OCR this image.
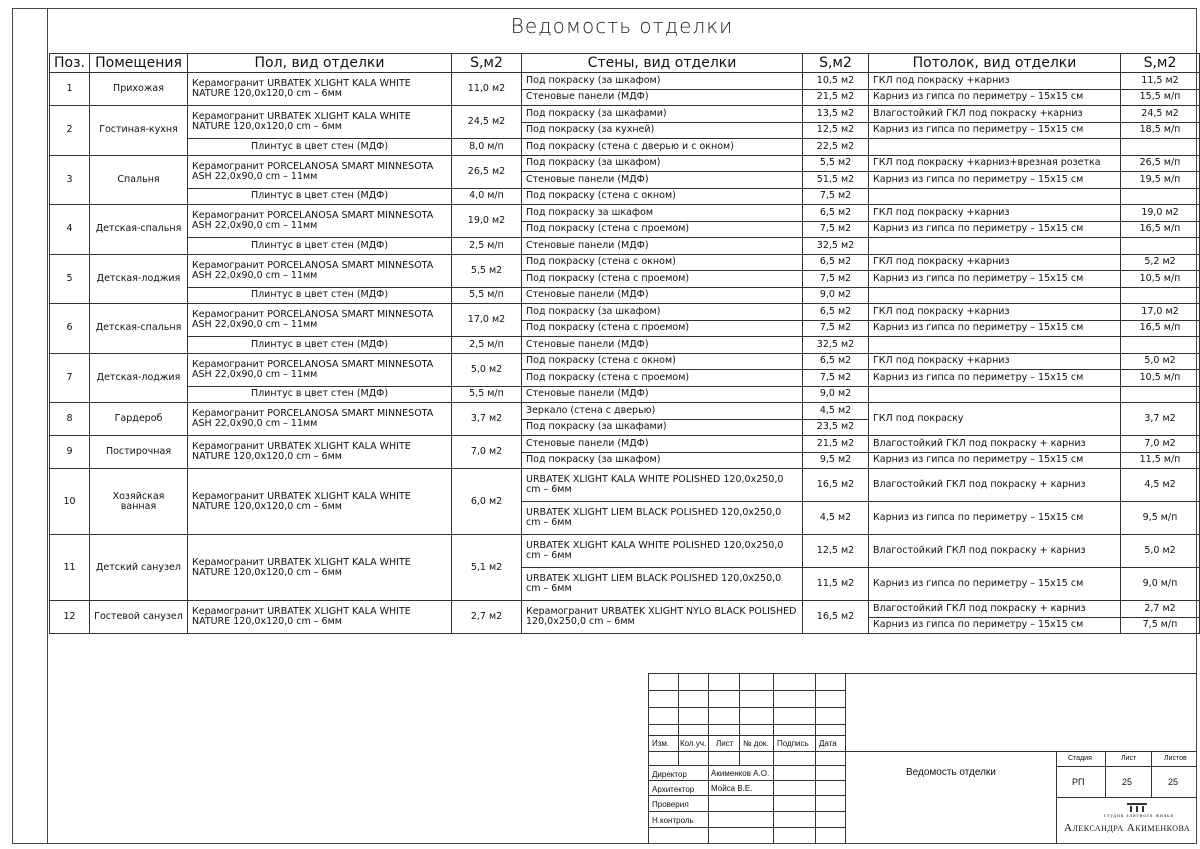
Ведомость отделки
Поз.	Помещения	Пол, вид отделки	S,м2	Стены, вид отделки	S,м2	Потолок, вид отделки	S,м2
1	Прихожая	Керамогранит URBATEK XLIGHT KALA WHITE NATURE 120,0х120,0 cm – 6мм	11,0 м2	Под покраску (за шкафом)	10,5 м2	ГКЛ под покраску +карниз	11,5 м2
				Стеновые панели (МДФ)	21,5 м2	Карниз из гипса по периметру – 15х15 см	15,5 м/п
2	Гостиная-кухня	Керамогранит URBATEK XLIGHT KALA WHITE NATURE 120,0х120,0 cm – 6мм	24,5 м2	Под покраску (за шкафами)	13,5 м2	Влагостойкий ГКЛ под покраску +карниз	24,5 м2
				Под покраску (за кухней)	12,5 м2	Карниз из гипса по периметру – 15х15 см	18,5 м/п
		Плинтус в цвет стен (МДФ)	8,0 м/п	Под покраску (стена с дверью и с окном)	22,5 м2		
3	Спальня	Керамогранит PORCELANOSA SMART MINNESOTA ASH 22,0х90,0 cm – 11мм	26,5 м2	Под покраску (за шкафом)	5,5 м2	ГКЛ под покраску +карниз+врезная розетка	26,5 м/п
				Стеновые панели (МДФ)	51,5 м2	Карниз из гипса по периметру – 15х15 см	19,5 м/п
		Плинтус в цвет стен (МДФ)	4,0 м/п	Под покраску (стена с окном)	7,5 м2		
4	Детская-спальня	Керамогранит PORCELANOSA SMART MINNESOTA ASH 22,0х90,0 cm – 11мм	19,0 м2	Под покраску за шкафом	6,5 м2	ГКЛ под покраску +карниз	19,0 м2
				Под покраску (стена с проемом)	7,5 м2	Карниз из гипса по периметру – 15х15 см	16,5 м/п
		Плинтус в цвет стен (МДФ)	2,5 м/п	Стеновые панели (МДФ)	32,5 м2		
5	Детская-лоджия	Керамогранит PORCELANOSA SMART MINNESOTA ASH 22,0х90,0 cm – 11мм	5,5 м2	Под покраску (стена с окном)	6,5 м2	ГКЛ под покраску +карниз	5,2 м2
				Под покраску (стена с проемом)	7,5 м2	Карниз из гипса по периметру – 15х15 см	10,5 м/п
		Плинтус в цвет стен (МДФ)	5,5 м/п	Стеновые панели (МДФ)	9,0 м2		
6	Детская-спальня	Керамогранит PORCELANOSA SMART MINNESOTA ASH 22,0х90,0 cm – 11мм	17,0 м2	Под покраску (за шкафом)	6,5 м2	ГКЛ под покраску +карниз	17,0 м2
				Под покраску (стена с проемом)	7,5 м2	Карниз из гипса по периметру – 15х15 см	16,5 м/п
		Плинтус в цвет стен (МДФ)	2,5 м/п	Стеновые панели (МДФ)	32,5 м2		
7	Детская-лоджия	Керамогранит PORCELANOSA SMART MINNESOTA ASH 22,0х90,0 cm – 11мм	5,0 м2	Под покраску (стена с окном)	6,5 м2	ГКЛ под покраску +карниз	5,0 м2
				Под покраску (стена с проемом)	7,5 м2	Карниз из гипса по периметру – 15х15 см	10,5 м/п
		Плинтус в цвет стен (МДФ)	5,5 м/п	Стеновые панели (МДФ)	9,0 м2		
8	Гардероб	Керамогранит PORCELANOSA SMART MINNESOTA ASH 22,0х90,0 cm – 11мм	3,7 м2	Зеркало (стена с дверью)	4,5 м2	ГКЛ под покраску	3,7 м2
				Под покраску (за шкафами)	23,5 м2		
9	Постирочная	Керамогранит URBATEK XLIGHT KALA WHITE NATURE 120,0х120,0 cm – 6мм	7,0 м2	Стеновые панели (МДФ)	21,5 м2	Влагостойкий ГКЛ под покраску + карниз	7,0 м2
				Под покраску (за шкафом)	9,5 м2	Карниз из гипса по периметру – 15х15 см	11,5 м/п
10	Хозяйская ванная	Керамогранит URBATEK XLIGHT KALA WHITE NATURE 120,0х120,0 cm – 6мм	6,0 м2	URBATEK XLIGHT KALA WHITE POLISHED 120,0х250,0 cm – 6мм	16,5 м2	Влагостойкий ГКЛ под покраску + карниз	4,5 м2
				URBATEK XLIGHT LIEM BLACK POLISHED 120,0х250,0 cm – 6мм	4,5 м2	Карниз из гипса по периметру – 15х15 см	9,5 м/п
11	Детский санузел	Керамогранит URBATEK XLIGHT KALA WHITE NATURE 120,0х120,0 cm – 6мм	5,1 м2	URBATEK XLIGHT KALA WHITE POLISHED 120,0х250,0 cm – 6мм	12,5 м2	Влагостойкий ГКЛ под покраску + карниз	5,0 м2
				URBATEK XLIGHT LIEM BLACK POLISHED 120,0х250,0 cm – 6мм	11,5 м2	Карниз из гипса по периметру – 15х15 см	9,0 м/п
12	Гостевой санузел	Керамогранит URBATEK XLIGHT KALA WHITE NATURE 120,0х120,0 cm – 6мм	2,7 м2	Керамогранит URBATEK XLIGHT NYLO BLACK POLISHED 120,0х250,0 cm – 6мм	16,5 м2	Влагостойкий ГКЛ под покраску + карниз	2,7 м2
						Карниз из гипса по периметру – 15х15 см	7,5 м/п
Изм. Кол.уч. Лист № док. Подпись Дата
Директор	Акименков А.О.
Архитектор Мойса В.Е.
Проверил
Н.контроль
Ведомость отделки
Стадия	Лист	Листов
РП	25	25
студия элитного жилья
Александра Акименкова
